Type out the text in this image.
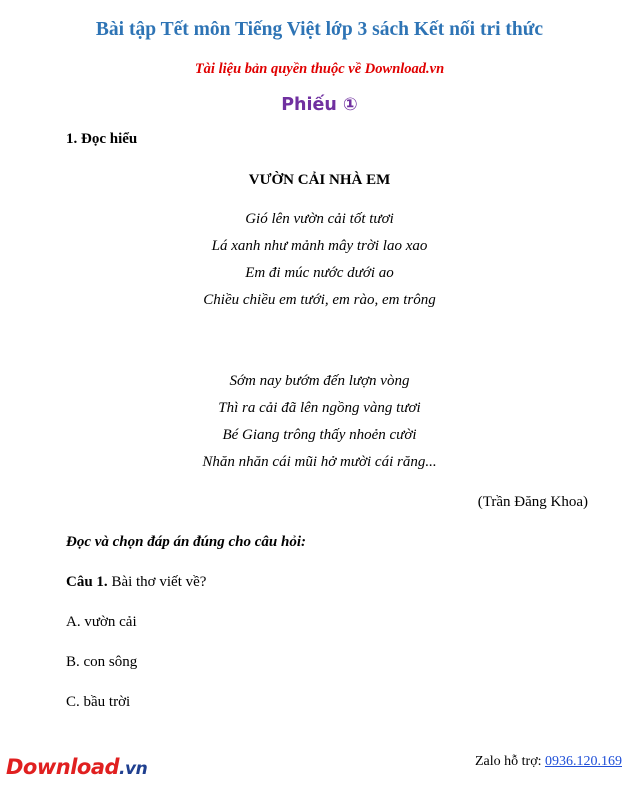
Bài tập Tết môn Tiếng Việt lớp 3 sách Kết nối tri thức
Tài liệu bản quyền thuộc về Download.vn
Phiếu ①
1. Đọc hiểu
VƯỜN CẢI NHÀ EM
Gió lên vườn cải tốt tươi
Lá xanh như mảnh mây trời lao xao
Em đi múc nước dưới ao
Chiều chiều em tưới, em rào, em trông
Sớm nay bướm đến lượn vòng
Thì ra cải đã lên ngồng vàng tươi
Bé Giang trông thấy nhoẻn cười
Nhăn nhăn cái mũi hở mười cái răng...
(Trần Đăng Khoa)
Đọc và chọn đáp án đúng cho câu hỏi:
Câu 1. Bài thơ viết về?
A. vườn cải
B. con sông
C. bầu trời
Download.vn	Zalo hỗ trợ: 0936.120.169
